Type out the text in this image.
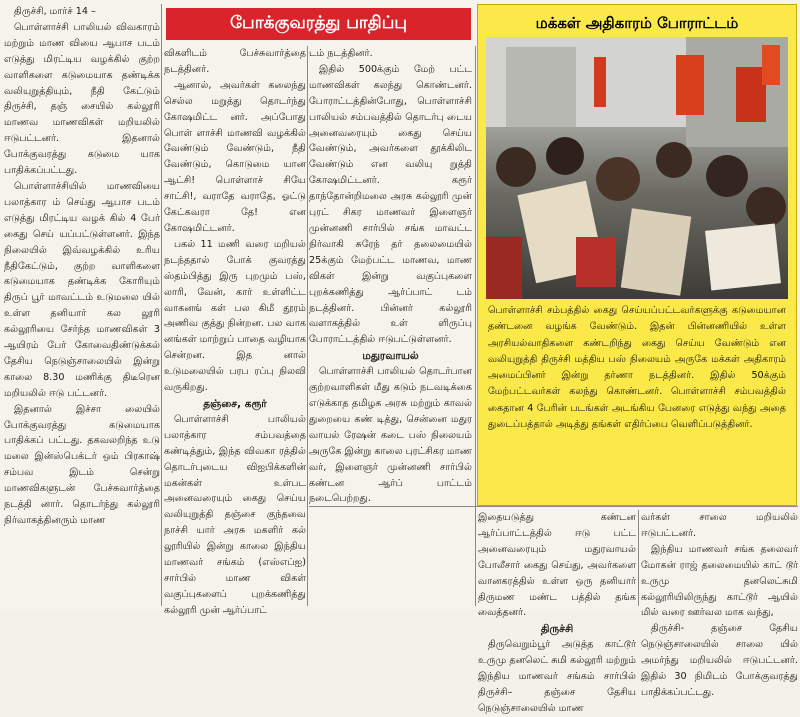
திருச்சி, மார்ச் 14 –

பொள்ளாச்சி பாலியல் விவகாரம் மற்றும் மாண வியை ஆபாச படம் எடுத்து மிரட்டிய வழக்கில் குற்ற வாளிகளை கடுமையாக தண்டிக்க வலியுறுத்தியும், நீதி கேட்டும் திருச்சி, தஞ் சையில் கல்லூரி மாணவ மாணவிகள் மறியலில் ஈடுபட்டனர். இதனால் போக்குவரத்து கடுமை யாக பாதிக்கப்பட்டது.

பொள்ளாச்சியில் மாணவியை பலாத்கார ம் செய்து ஆபாச படம் எடுத்து மிரட்டிய வழக் கில் 4 பேர் கைது செய் யப்பட்டுள்ளனர். இந்த நிலையில் இவ்வழக்கில் உரிய நீதிகேட்டும், குற்ற வாளிகளை கடுமையாக தண்டிக்க கோரியும் திருப் பூர் மாவட்டம் உடுமலை யில் உள்ள தனியார் கல லூரி கல்லூரியை சேர்ந்த மாணவிகள் 3 ஆயிரம் பேர் கோவைதிண்டுக்கல் தேசிய நெடுஞ்சாலையில் இன்று காலை 8.30 மணிக்கு திடீரென மறியலில் ஈடு பட்டனர்.

இதனால் இச்சா லையில் போக்குவரத்து கடுமையாக பாதிக்கப் பட்டது. தகவலறிந்த உடு மலை இன்ஸ்பெக்டர் ஒம் பிரகாஷ் சம்பவ இடம் சென்று மாணவிகளுடன் பேச்சுவார்த்தை நடத்தி னார். தொடர்ந்து கல்லூரி நிர்வாகத்தினரும் மாண

போக்குவரத்து பாதிப்பு

விகளிடம் பேச்சுவார்த்தை நடத்தினர்.

ஆனால், அவர்கள் கலைந்து செல்ல மறுத்து தொடர்ந்து கோஷமிட்ட னர். அப்போது பொள் ளாச்சி மாணவி வழக்கில் வேண்டும் வேண்டும், நீதி வேண்டும், கொடுமை யான ஆட்சி! பொள்ளாச் சியே சாட்சி!, வராதே வராதே, ஓட்டு கேட்கவரா தே! என கோஷமிட்டனர்.

பகல் 11 மணி வரை மறியல் நடந்ததால் போக் குவரத்து ஸ்தம்பித்து இரு புறமும் பஸ், லாரி, வேன், கார் உள்ளிட்ட வாகனங் கள் பல கிமீ தூரம் அணிவ குத்து நின்றன. பல வாக னங்கள் மாற்றுப் பாதை வழியாக சென்றன. இத னால் உடுமலையில் பரப ரப்பு நிலவி வருகிறது.

தஞ்சை, கரூர்

பொள்ளாச்சி பாலியல் பலாத்கார சம்பவத்தை கண்டித்தும், இந்த விவகா ரத்தில் தொடர்புடைய விஐபிக்களின் மகன்கள் உள்பட அனைவரையும் கைது செய்ய வலியுறுத்தி தஞ்சை குந்தவை நாச்சி யார் அரசு மகளிர் கல் லூரியில் இன்று காலை இந்திய மாணவர் சங்கம் (எஸ்எப்ஐ) சார்பில் மாண விகள் வகுப்புகளைப் புறக்கணித்து கல்லூரி முன் ஆர்ப்பாட்

டம் நடத்தினர்.

இதில் 500க்கும் மேற் பட்ட மாணவிகள் கலந்து கொண்டனர். போராட்டத்தின்போது, பொள்ளாச்சி பாலியல் சம்பவத்தில் தொடர்பு டைய அனைவரையும் கைது செய்ய வேண்டும், அவர்களை தூக்கிலிட வேண்டும் என வலியு றுத்தி கோஷமிட்டனர். கரூர் தாந்தோன்றிமலை அரசு கல்லூரி முன் புரட் சிகர மாணவர் இளைஞர் முன்னணி சார்பில் சங்க மாவட்ட நிர்வாகி சுரேந் தர் தலைமையில் 25க்கும் மேற்பட்ட மாணவ, மாண விகள் இன்று வகுப்புகளை புறக்கணித்து ஆர்ப்பாட் டம் நடத்தினர். பின்னர் கல்லூரி வளாகத்தில் உள் ளிருப்பு போராட்டத்தில் ஈடுபட்டுள்ளனர்.

மதுரவாயல்

பொள்ளாச்சி பாலியல் தொடர்பான குற்றவாளிகள் மீது கடும் நடவடிக்கை எடுக்காத தமிழக அரசு மற்றும் காவல் துறையை கண் டித்து, சென்னை மதுர வாயல் ரேஷன் கடை பஸ் நிலையம் அருகே இன்று காலை புரட்சிகர மாண வர், இளைஞர் முன்னணி சார்பில் கண்டன ஆர்ப் பாட்டம் நடைபெற்றது.

மக்கள் அதிகாரம் போராட்டம்
பொள்ளாச்சி சம்பத்தில் கைது செய்யப்பட்டவர்களுக்கு கடுமையான தண்டனை வழங்க வேண்டும். இதன் பின்னணியில் உள்ள அரசியல்வாதிகளை கண்டறிந்து கைது செய்ய வேண்டும் என வலியுறுத்தி திருச்சி மத்திய பஸ் நிலையம் அருகே மக்கள் அதிகாரம் அமைப்பினர் இன்று தர்ணா நடத்தினர். இதில் 50க்கும் மேற்பட்டவர்கள் கலந்து கொண்டனர். பொள்ளாச்சி சம்பவத்தில் கைதான 4 பேரின் படங்கள் அடங்கிய பேனரை எடுத்து வந்து அதை துடைப்பத்தால் அடித்து தங்கள் எதிர்ப்பை வெளிப்படுத்தினர்.

இதையடுத்து கண்டன ஆர்ப்பாட்டத்தில் ஈடு பட்ட அனைவரையும் மதுரவாயல் போலீசார் கைது செய்து, அவர்களை வானகரத்தில் உள்ள ஒரு தனியார் திருமண மண்ட பத்தில் தங்க வைத்தனர்.

திருச்சி

திருவெறும்பூர் அடுத்த காட்டூர் உருமு தனலெட் சுமி கல்லூரி மற்றும் இந்திய மாணவர் சங்கம் சார்பில் திருச்சி– தஞ்சை தேசிய நெடுஞ்சாலையில் மாண

வர்கள் சாலை மறியலில் ஈடுபட்டனர்.

இந்திய மாணவர் சங்க தலைவர் மோகன் ராஜ் தலைமையில் காட் டூர் உருமு தனலெட்சுமி கல்லூரியிலிருந்து காட்டூர் ஆயில் மில் வரை ஊர்வல மாக வந்து,

திருச்சி- தஞ்சை தேசிய நெடுஞ்சாலையில் சாலை யில் அமர்ந்து மறியலில் ஈடுபட்டனர். இதில் 30 நிமிடம் போக்குவரத்து பாதிக்கப்பட்டது.
